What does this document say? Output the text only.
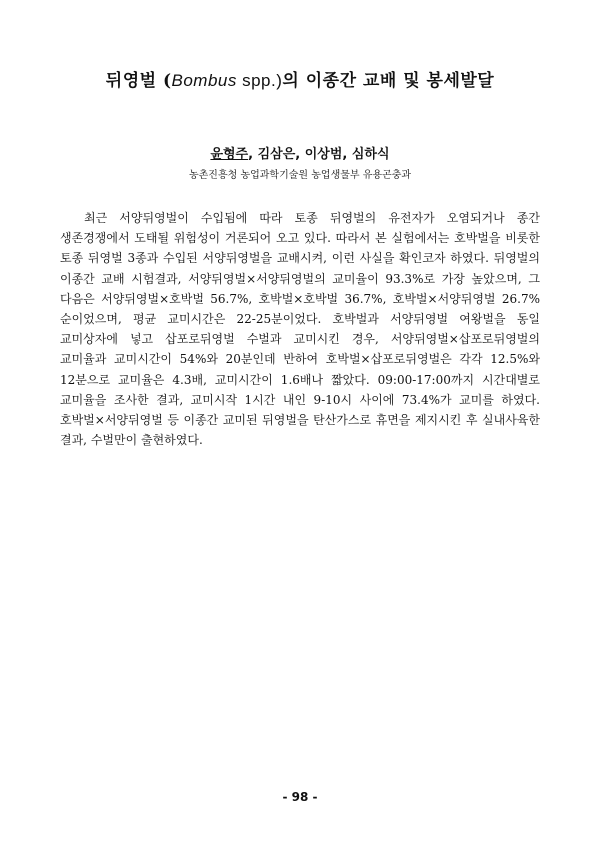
뒤영벌 (Bombus spp.)의 이종간 교배 및 봉세발달
윤형주, 김삼은, 이상범, 심하식
농촌진흥청 농업과학기술원 농업생물부 유용곤충과

최근 서양뒤영벌이 수입됨에 따라 토종 뒤영벌의 유전자가 오염되거나 종간 생존경쟁에서 도태될 위험성이 거론되어 오고 있다. 따라서 본 실험에서는 호박벌을 비롯한 토종 뒤영벌 3종과 수입된 서양뒤영벌을 교배시켜, 이런 사실을 확인코자 하였다. 뒤영벌의 이종간 교배 시험결과, 서양뒤영벌×서양뒤영벌의 교미율이 93.3%로 가장 높았으며, 그 다음은 서양뒤영벌×호박벌 56.7%, 호박벌×호박벌 36.7%, 호박벌×서양뒤영벌 26.7% 순이었으며, 평균 교미시간은 22-25분이었다. 호박벌과 서양뒤영벌 여왕벌을 동일 교미상자에 넣고 삽포로뒤영벌 수벌과 교미시킨 경우, 서양뒤영벌×삽포로뒤영벌의 교미율과 교미시간이 54%와 20분인데 반하여 호박벌×삽포로뒤영벌은 각각 12.5%와 12분으로 교미율은 4.3배, 교미시간이 1.6배나 짧았다. 09:00-17:00까지 시간대별로 교미율을 조사한 결과, 교미시작 1시간 내인 9-10시 사이에 73.4%가 교미를 하였다. 호박벌×서양뒤영벌 등 이종간 교미된 뒤영벌을 탄산가스로 휴면을 제지시킨 후 실내사육한 결과, 수벌만이 출현하였다.

- 98 -
